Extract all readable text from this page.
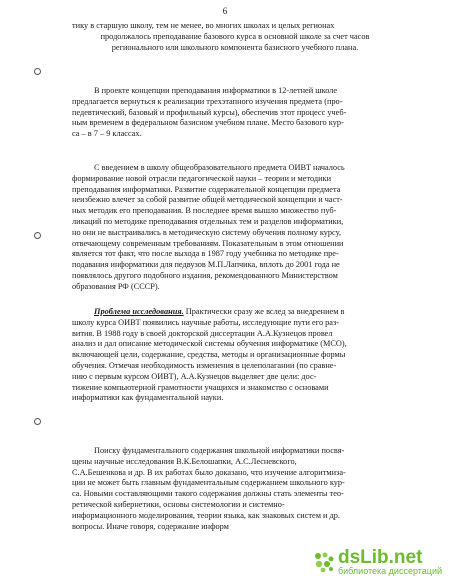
6

тику в старшую школу, тем не менее, во многих школах и целых регионах

продолжалось преподавание базового курса в основной школе за счет часов

регионального или школьного компонента базисного учебного плана.

В проекте концепции преподавания информатики в 12-летней школе

предлагается вернуться к реализации трехэтапного изучения предмета (про-

педевтический, базовый и профильный курсы), обеспечив этот процесс учеб-

ным временем в федеральном базисном учебном плане. Место базового кур-

са – в 7 – 9 классах.

С введением в школу общеобразовательного предмета ОИВТ началось

формирование новой отрасли педагогической науки – теории и методики

преподавания информатики. Развитие содержательной концепции предмета

неизбежно влечет за собой развитие общей методической концепции и част-

ных методик его преподавания. В последнее время вышло множество пуб-

ликаций по методике преподавания отдельных тем и разделов информатики,

но они не выстраивались в методическую систему обучения полному курсу,

отвечающему современным требованиям. Показательным в этом отношении

является тот факт, что после выхода в 1987 году учебника по методике пре-

подавания информатики для педвузов М.П.Лапчика, вплоть до 2001 года не

появлялось другого подобного издания, рекомендованного Министерством

образования РФ (СССР).

Проблема исследования. Практически сразу же вслед за внедрением в

школу курса ОИВТ появились научные работы, исследующие пути его раз-

вития. В 1988 году в своей докторской диссертации А.А.Кузнецов провел

анализ и дал описание методической системы обучения информатике (МСО),

включающей цели, содержание, средства, методы и организационные формы

обучения. Отмечая необходимость изменения в целеполагании (по сравне-

нию с первым курсом ОИВТ), А.А.Кузнецов выделяет две цели: дос-

тижение компьютерной грамотности учащихся и знакомство с основами

информатики как фундаментальной науки.

Поиску фундаментального содержания школьной информатики посвя-

щены научные исследования В.К.Белошапки, А.С.Лесневского,

С.А.Бешенкова и др. В их работах было доказано, что изучение алгоритмиза-

ции не может быть главным фундаментальным содержанием школьного кур-

са. Новыми составляющими такого содержания должны стать элементы тео-

ретической кибернетики, основы системологии и системно-

информационного моделирования, теории языка, как знаковых систем и др.

вопросы. Иначе говоря, содержание информ

dsLib.net
библиотека диссертаций
